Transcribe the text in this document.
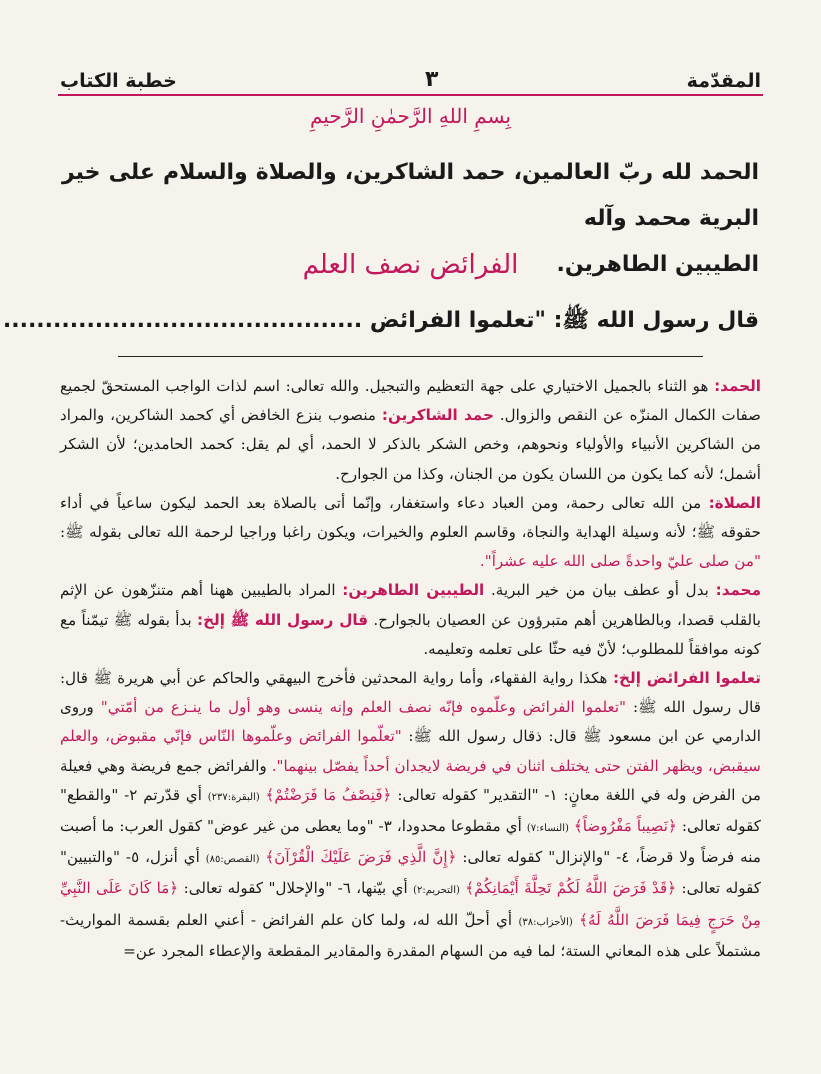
المقدّمة
٣
خطبة الكتاب
بِسمِ اللهِ الرَّحمٰنِ الرَّحيمِ
الحمد لله ربّ العالمين، حمد الشاكرين، والصلاة والسلام على خير البرية محمد وآله
الطيبين الطاهرين.
الفرائض نصف العلم
قال رسول الله ﷺ: "تعلموا الفرائض ...........................................

الحمد: هو الثناء بالجميل الاختياري على جهة التعظيم والتبجيل. والله تعالى: اسم لذات الواجب المستحقّ لجميع صفات الكمال المنزّه عن النقص والزوال. حمد الشاكرين: منصوب بنزع الخافض أي كحمد الشاكرين، والمراد من الشاكرين الأنبياء والأولياء ونحوهم، وخص الشكر بالذكر لا الحمد، أي لم يقل: كحمد الحامدين؛ لأن الشكر أشمل؛ لأنه كما يكون من اللسان يكون من الجنان، وكذا من الجوارح.

الصلاة: من الله تعالى رحمة، ومن العباد دعاء واستغفار، وإنّما أتى بالصلاة بعد الحمد ليكون ساعياً في أداء حقوقه ﷺ؛ لأنه وسيلة الهداية والنجاة، وقاسم العلوم والخيرات، ويكون راغبا وراجيا لرحمة الله تعالى بقوله ﷺ: "من صلى عليّ واحدةً صلى الله عليه عشراً".

محمد: بدل أو عطف بيان من خير البرية. الطيبين الطاهرين: المراد بالطيبين ههنا أهم متنزّهون عن الإثم بالقلب قصدا، وبالطاهرين أهم متبرؤون عن العصيان بالجوارح. قال رسول الله ﷺ إلخ: بدأ بقوله ﷺ تيمّناً مع كونه موافقاً للمطلوب؛ لأنّ فيه حثّا على تعلمه وتعليمه.

تعلموا الفرائض إلخ: هكذا رواية الفقهاء، وأما رواية المحدثين فأخرج البيهقي والحاكم عن أبي هريرة ﷺ قال: قال رسول الله ﷺ: "تعلموا الفرائض وعلّموه فإنّه نصف العلم وإنه ينسى وهو أول ما ينـزع من أمّتي" وروى الدارمي عن ابن مسعود ﷺ قال: ذقال رسول الله ﷺ: "تعلّموا الفرائض وعلّموها النّاس فإنّي مقبوض، والعلم سيقبض، ويظهر الفتن حتى يختلف اثنان في فريضة لايجدان أحداً يفصّل بينهما". والفرائض جمع فريضة وهي فعيلة من الفرض وله في اللغة معانٍ: ١- "التقدير" كقوله تعالى: ﴿فَنِصْفُ مَا فَرَضْتُمْ﴾ (البقرة:٢٣٧) أي قدّرتم ٢- "والقطع" كقوله تعالى: ﴿نَصِيباً مَفْرُوضاً﴾ (النساء:٧) أي مقطوعا محدودا، ٣- "وما يعطى من غير عوض" كقول العرب: ما أصبت منه فرضاً ولا قرضاً، ٤- "والإنزال" كقوله تعالى: ﴿إِنَّ الَّذِي فَرَضَ عَلَيْكَ الْقُرْآنَ﴾ (القصص:٨٥) أي أنزل، ٥- "والتبيين" كقوله تعالى: ﴿قَدْ فَرَضَ اللَّهُ لَكُمْ تَحِلَّةَ أَيْمَانِكُمْ﴾ (التحريم:٢) أي بيّنها، ٦- "والإحلال" كقوله تعالى: ﴿مَا كَانَ عَلَى النَّبِيِّ مِنْ حَرَجٍ فِيمَا فَرَضَ اللَّهُ لَهُ﴾ (الأحزاب:٣٨) أي أحلّ الله له، ولما كان علم الفرائض - أعني العلم بقسمة المواريث- مشتملاً على هذه المعاني الستة؛ لما فيه من السهام المقدرة والمقادير المقطعة والإعطاء المجرد عن=
